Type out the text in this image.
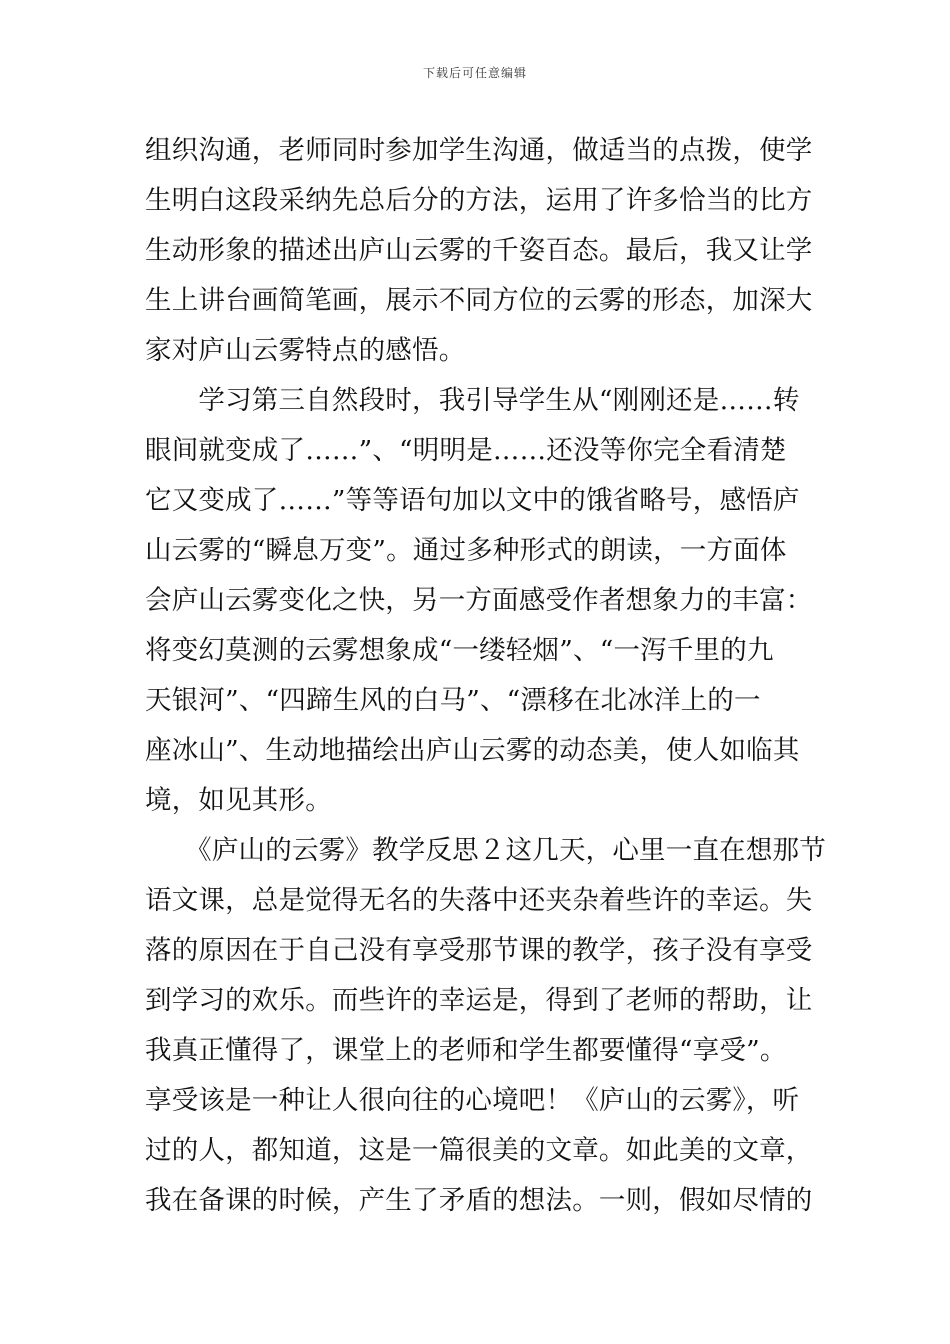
下载后可任意编辑
组织沟通，老师同时参加学生沟通，做适当的点拨，使学
生明白这段采纳先总后分的方法，运用了许多恰当的比方
生动形象的描述出庐山云雾的千姿百态。最后，我又让学
生上讲台画简笔画，展示不同方位的云雾的形态，加深大
家对庐山云雾特点的感悟。
　　学习第三自然段时，我引导学生从“刚刚还是……转
眼间就变成了……”、“明明是……还没等你完全看清楚
它又变成了……”等等语句加以文中的饿省略号，感悟庐
山云雾的“瞬息万变”。通过多种形式的朗读，一方面体
会庐山云雾变化之快，另一方面感受作者想象力的丰富：
将变幻莫测的云雾想象成“一缕轻烟”、“一泻千里的九
天银河”、“四蹄生风的白马”、“漂移在北冰洋上的一
座冰山”、生动地描绘出庐山云雾的动态美，使人如临其
境，如见其形。
　　《庐山的云雾》教学反思２这几天，心里一直在想那节
语文课，总是觉得无名的失落中还夹杂着些许的幸运。失
落的原因在于自己没有享受那节课的教学，孩子没有享受
到学习的欢乐。而些许的幸运是，得到了老师的帮助，让
我真正懂得了，课堂上的老师和学生都要懂得“享受”。
享受该是一种让人很向往的心境吧！《庐山的云雾》，听
过的人，都知道，这是一篇很美的文章。如此美的文章，
我在备课的时候，产生了矛盾的想法。一则，假如尽情的
